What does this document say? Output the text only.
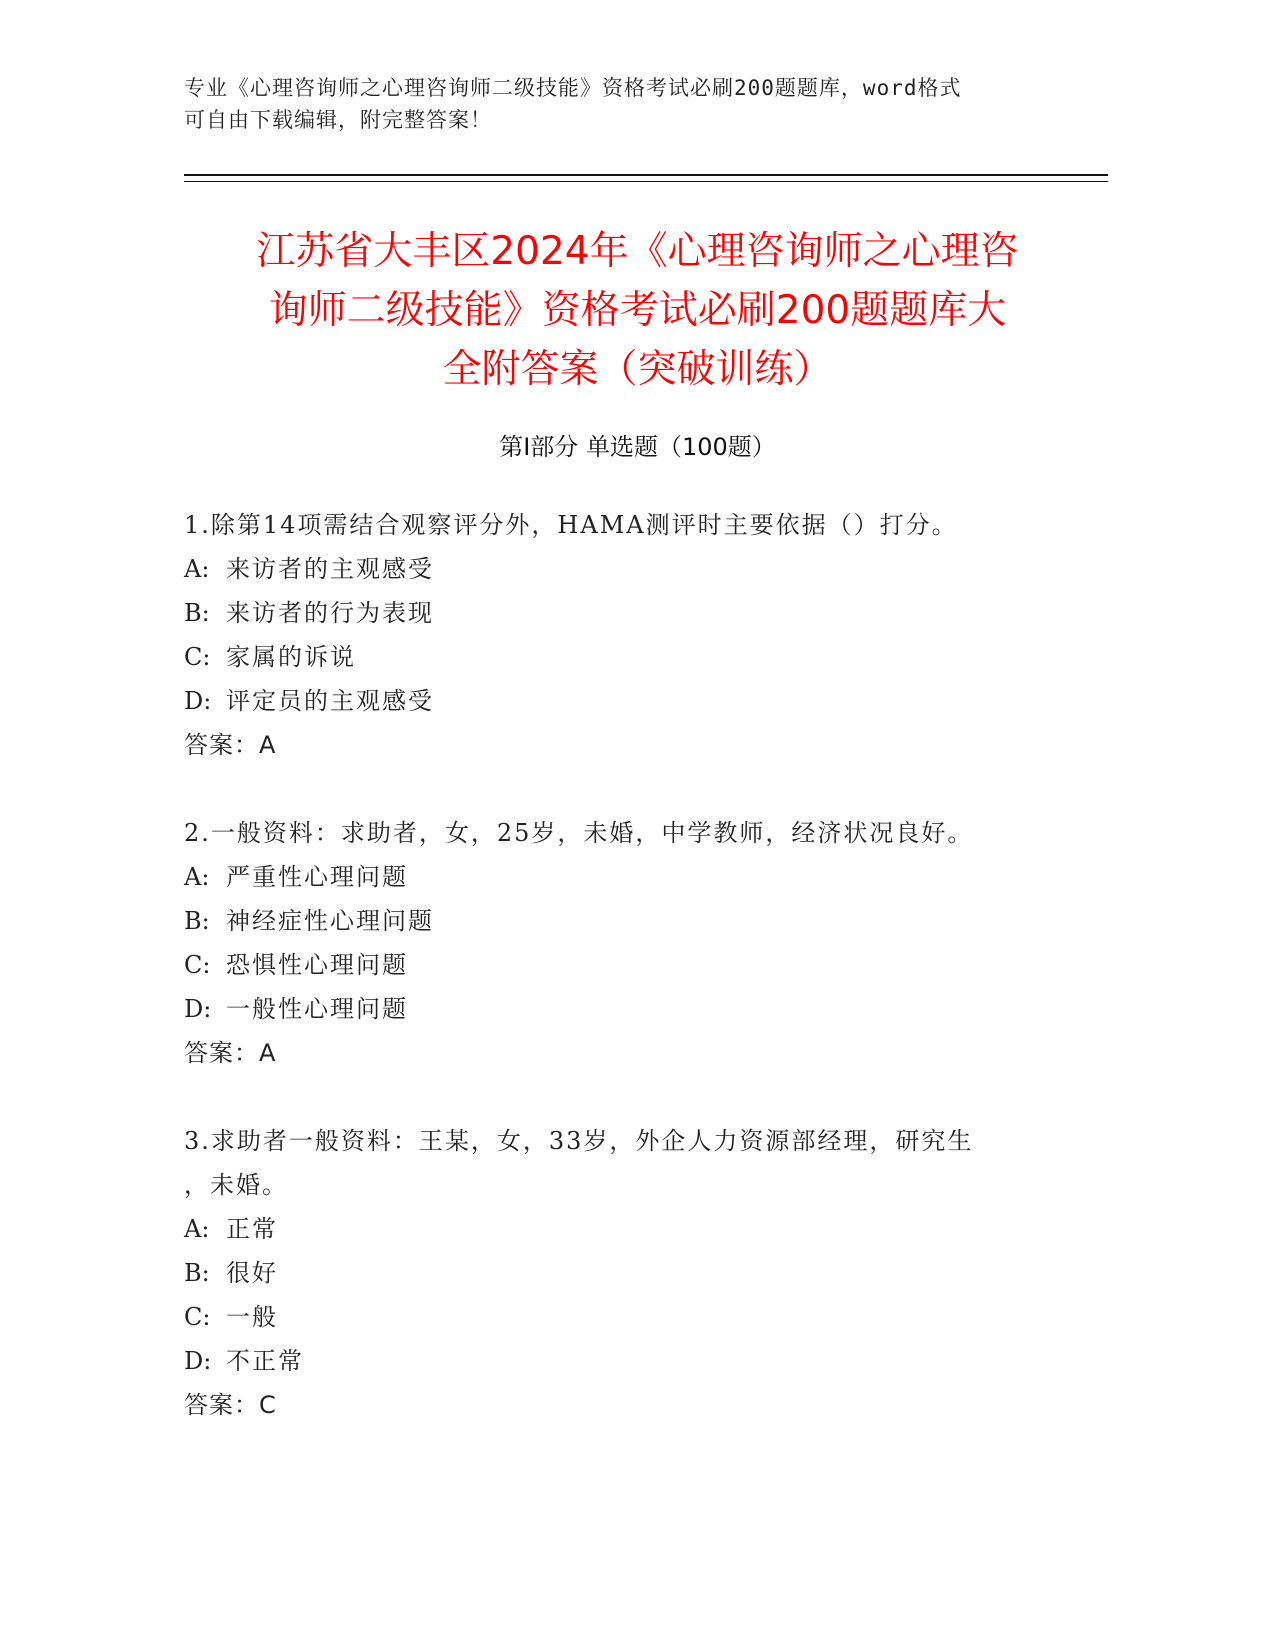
专业《心理咨询师之心理咨询师二级技能》资格考试必刷200题题库，word格式
可自由下载编辑，附完整答案！
江苏省大丰区2024年《心理咨询师之心理咨
询师二级技能》资格考试必刷200题题库大
全附答案（突破训练）
第Ⅰ部分 单选题（100题）
1.除第14项需结合观察评分外，HAMA测评时主要依据（）打分。
A: 来访者的主观感受
B: 来访者的行为表现
C: 家属的诉说
D: 评定员的主观感受
答案：A
2.一般资料：求助者，女，25岁，未婚，中学教师，经济状况良好。
A: 严重性心理问题
B: 神经症性心理问题
C: 恐惧性心理问题
D: 一般性心理问题
答案：A
3.求助者一般资料：王某，女，33岁，外企人力资源部经理，研究生
，未婚。
A: 正常
B: 很好
C: 一般
D: 不正常
答案：C
